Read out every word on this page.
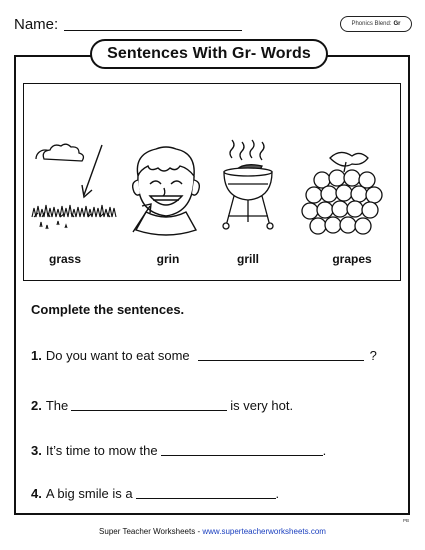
Name:	Phonics Blend: Gr
Sentences With Gr- Words
grass	grin	grill	grapes
Complete the sentences.
1. Do you want to eat some	?
2. The	is very hot.
3. It’s time to mow the	.
4. A big smile is a	.
Super Teacher Worksheets - www.superteacherworksheets.com
PB
